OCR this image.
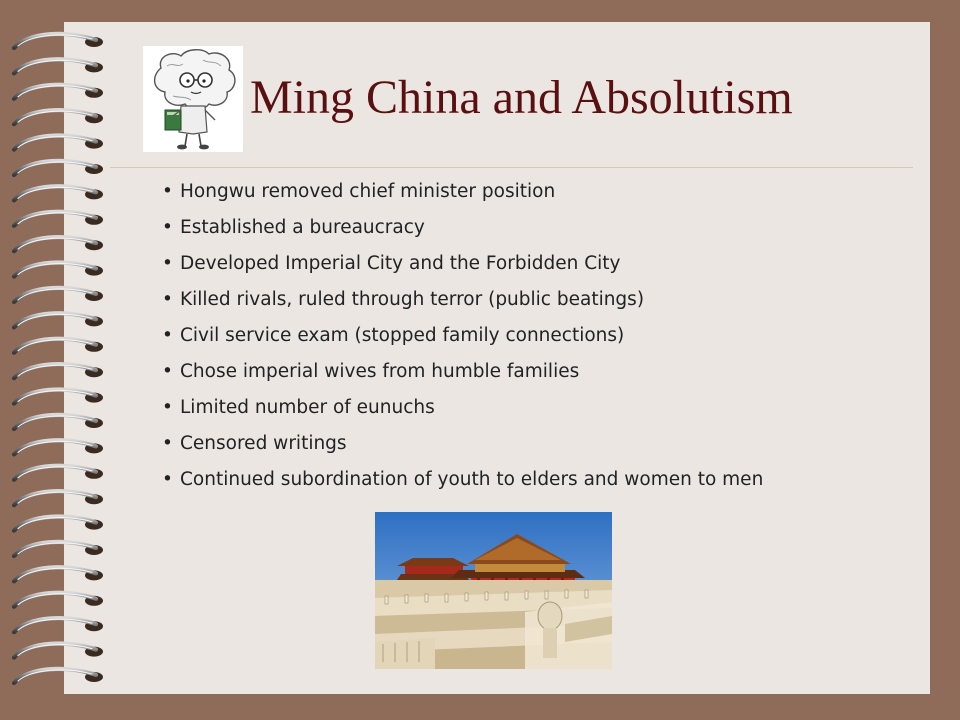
Ming China and Absolutism
• Hongwu removed chief minister position
• Established a bureaucracy
• Developed Imperial City and the Forbidden City
• Killed rivals, ruled through terror (public beatings)
• Civil service exam (stopped family connections)
• Chose imperial wives from humble families
• Limited number of eunuchs
• Censored writings
• Continued subordination of youth to elders and women to men
